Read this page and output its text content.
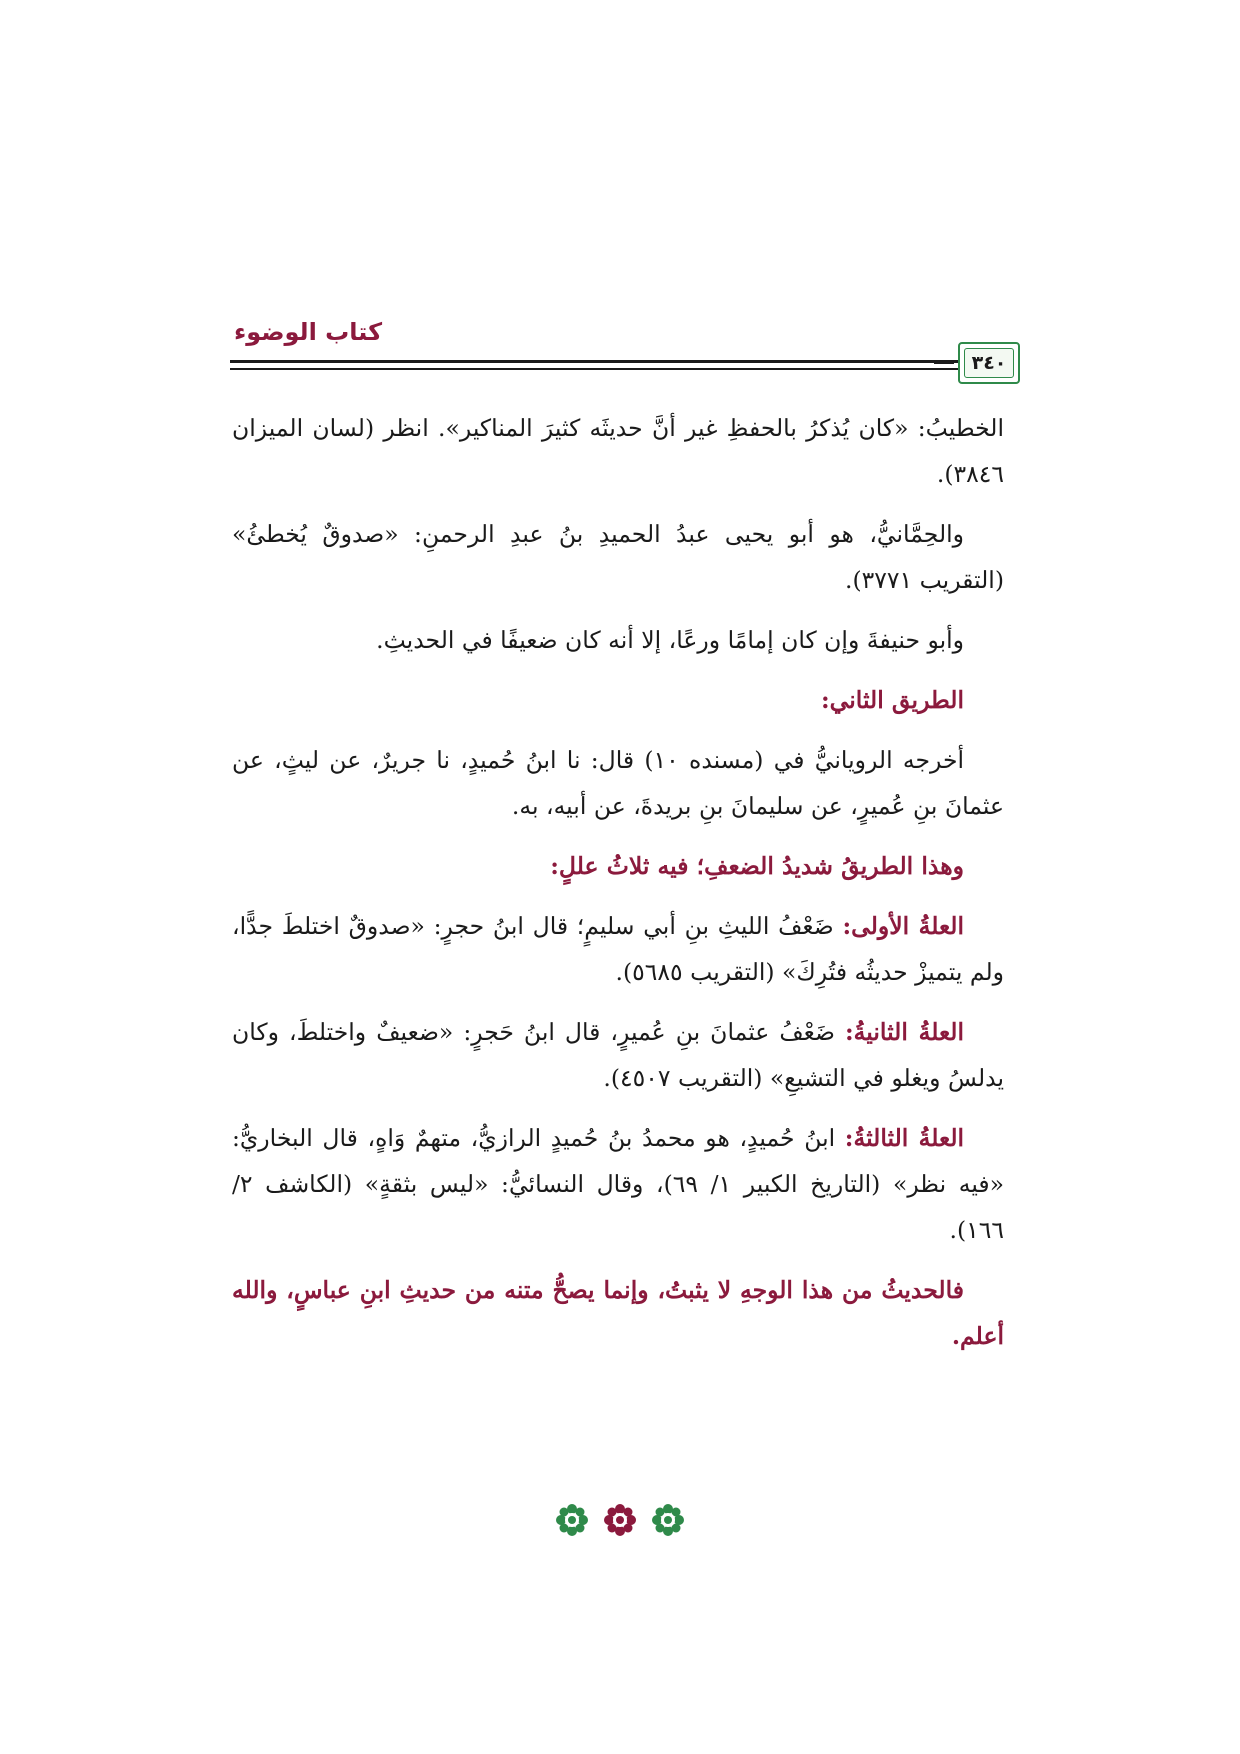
كتاب الوضوء
٣٤٠

الخطيبُ: «كان يُذكرُ بالحفظِ غير أنَّ حديثَه كثيرَ المناكير». انظر (لسان الميزان ٣٨٤٦).

والحِمَّانيُّ، هو أبو يحيى عبدُ الحميدِ بنُ عبدِ الرحمنِ: «صدوقٌ يُخطئُ» (التقريب ٣٧٧١).

وأبو حنيفةَ وإن كان إمامًا ورعًا، إلا أنه كان ضعيفًا في الحديثِ.

الطريق الثاني:

أخرجه الرويانيُّ في (مسنده ١٠) قال: نا ابنُ حُميدٍ، نا جريرٌ، عن ليثٍ، عن عثمانَ بنِ عُميرٍ، عن سليمانَ بنِ بريدةَ، عن أبيه، به.

وهذا الطريقُ شديدُ الضعفِ؛ فيه ثلاثُ عللٍ:

العلةُ الأولى: ضَعْفُ الليثِ بنِ أبي سليمٍ؛ قال ابنُ حجرٍ: «صدوقٌ اختلطَ جدًّا، ولم يتميزْ حديثُه فتُرِكَ» (التقريب ٥٦٨٥).

العلةُ الثانيةُ: ضَعْفُ عثمانَ بنِ عُميرٍ، قال ابنُ حَجرٍ: «ضعيفٌ واختلطَ، وكان يدلسُ ويغلو في التشيعِ» (التقريب ٤٥٠٧).

العلةُ الثالثةُ: ابنُ حُميدٍ، هو محمدُ بنُ حُميدٍ الرازيُّ، متهمٌ وَاهٍ، قال البخاريُّ: «فيه نظر» (التاريخ الكبير ١/ ٦٩)، وقال النسائيُّ: «ليس بثقةٍ» (الكاشف ٢/ ١٦٦).

فالحديثُ من هذا الوجهِ لا يثبتُ، وإنما يصحُّ متنه من حديثِ ابنِ عباسٍ، والله أعلم.
